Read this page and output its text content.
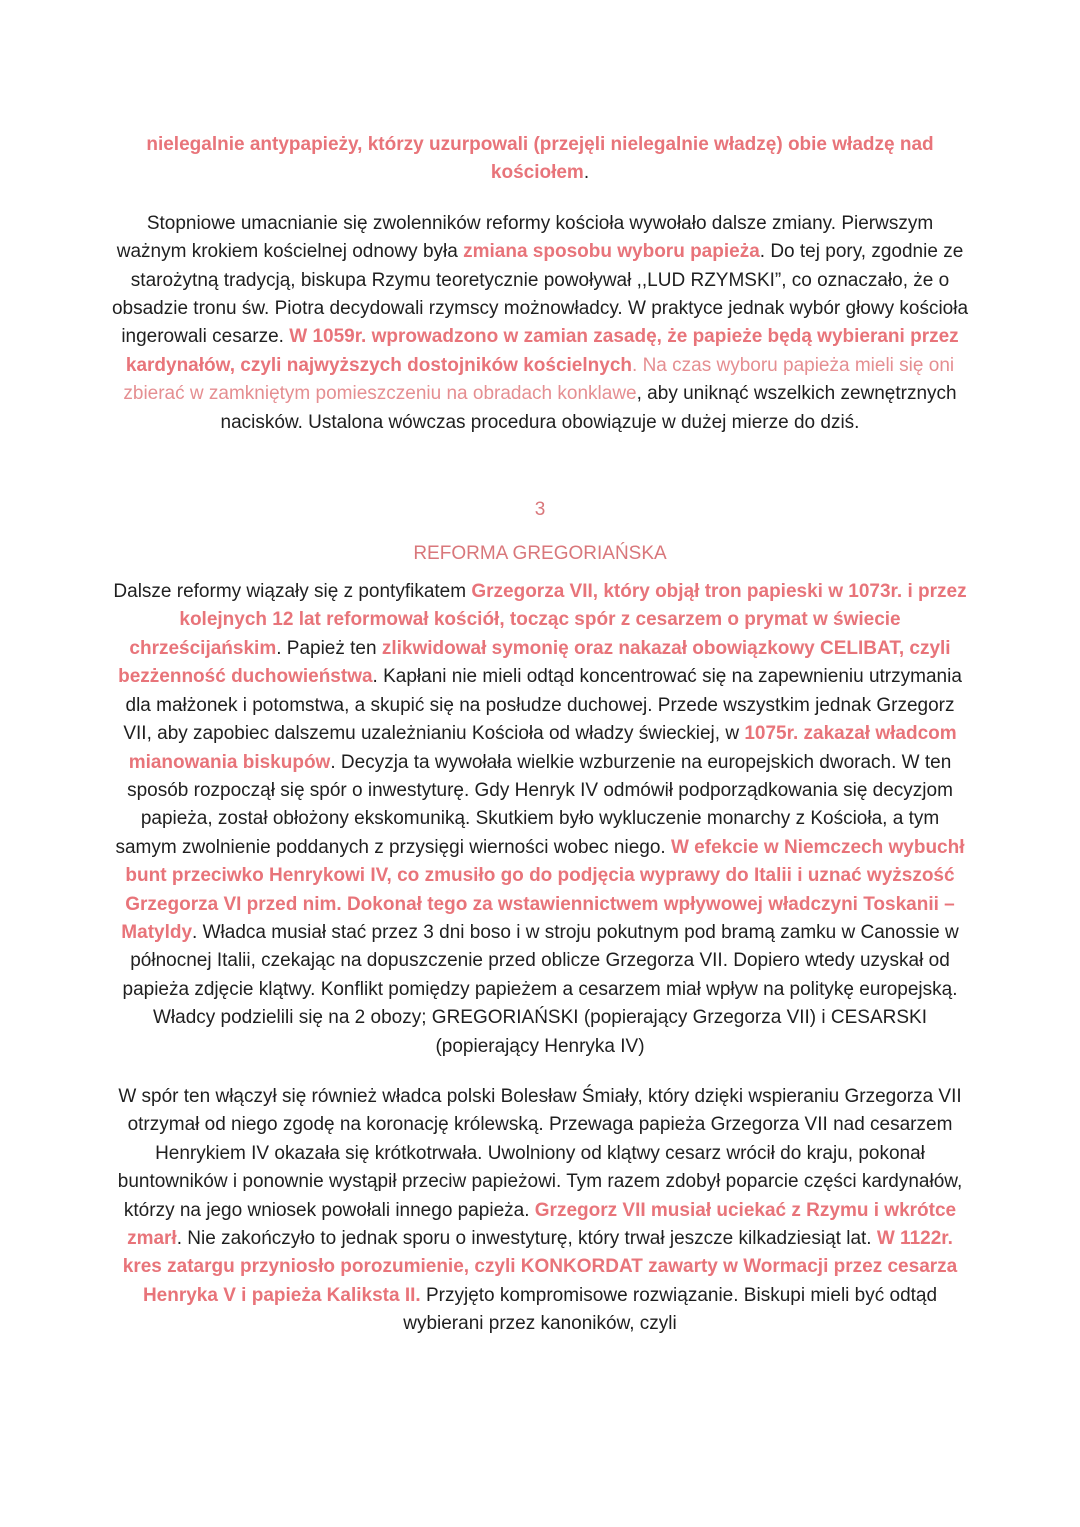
nielegalnie antypapieży, którzy uzurpowali (przejęli nielegalnie władzę) obie władzę nad kościołem.

Stopniowe umacnianie się zwolenników reformy kościoła wywołało dalsze zmiany. Pierwszym ważnym krokiem kościelnej odnowy była zmiana sposobu wyboru papieża. Do tej pory, zgodnie ze starożytną tradycją, biskupa Rzymu teoretycznie powoływał ,,LUD RZYMSKI”, co oznaczało, że o obsadzie tronu św. Piotra decydowali rzymscy możnowładcy. W praktyce jednak wybór głowy kościoła ingerowali cesarze. W 1059r. wprowadzono w zamian zasadę, że papieże będą wybierani przez kardynałów, czyli najwyższych dostojników kościelnych. Na czas wyboru papieża mieli się oni zbierać w zamkniętym pomieszczeniu na obradach konklawe, aby uniknąć wszelkich zewnętrznych nacisków. Ustalona wówczas procedura obowiązuje w dużej mierze do dziś.

3
REFORMA GREGORIAŃSKA

Dalsze reformy wiązały się z pontyfikatem Grzegorza VII, który objął tron papieski w 1073r. i przez kolejnych 12 lat reformował kościół, tocząc spór z cesarzem o prymat w świecie chrześcijańskim. Papież ten zlikwidował symonię oraz nakazał obowiązkowy CELIBAT, czyli bezżenność duchowieństwa. Kapłani nie mieli odtąd koncentrować się na zapewnieniu utrzymania dla małżonek i potomstwa, a skupić się na posłudze duchowej. Przede wszystkim jednak Grzegorz VII, aby zapobiec dalszemu uzależnianiu Kościoła od władzy świeckiej, w 1075r. zakazał władcom mianowania biskupów. Decyzja ta wywołała wielkie wzburzenie na europejskich dworach. W ten sposób rozpoczął się spór o inwestyturę. Gdy Henryk IV odmówił podporządkowania się decyzjom papieża, został obłożony ekskomuniką. Skutkiem było wykluczenie monarchy z Kościoła, a tym samym zwolnienie poddanych z przysięgi wierności wobec niego. W efekcie w Niemczech wybuchł bunt przeciwko Henrykowi IV, co zmusiło go do podjęcia wyprawy do Italii i uznać wyższość Grzegorza VI przed nim. Dokonał tego za wstawiennictwem wpływowej władczyni Toskanii – Matyldy. Władca musiał stać przez 3 dni boso i w stroju pokutnym pod bramą zamku w Canossie w północnej Italii, czekając na dopuszczenie przed oblicze Grzegorza VII. Dopiero wtedy uzyskał od papieża zdjęcie klątwy. Konflikt pomiędzy papieżem a cesarzem miał wpływ na politykę europejską. Władcy podzielili się na 2 obozy; GREGORIAŃSKI (popierający Grzegorza VII) i CESARSKI (popierający Henryka IV)

W spór ten włączył się również władca polski Bolesław Śmiały, który dzięki wspieraniu Grzegorza VII otrzymał od niego zgodę na koronację królewską. Przewaga papieża Grzegorza VII nad cesarzem Henrykiem IV okazała się krótkotrwała. Uwolniony od klątwy cesarz wrócił do kraju, pokonał buntowników i ponownie wystąpił przeciw papieżowi. Tym razem zdobył poparcie części kardynałów, którzy na jego wniosek powołali innego papieża. Grzegorz VII musiał uciekać z Rzymu i wkrótce zmarł. Nie zakończyło to jednak sporu o inwestyturę, który trwał jeszcze kilkadziesiąt lat. W 1122r. kres zatargu przyniosło porozumienie, czyli KONKORDAT zawarty w Wormacji przez cesarza Henryka V i papieża Kaliksta II. Przyjęto kompromisowe rozwiązanie. Biskupi mieli być odtąd wybierani przez kanoników, czyli
